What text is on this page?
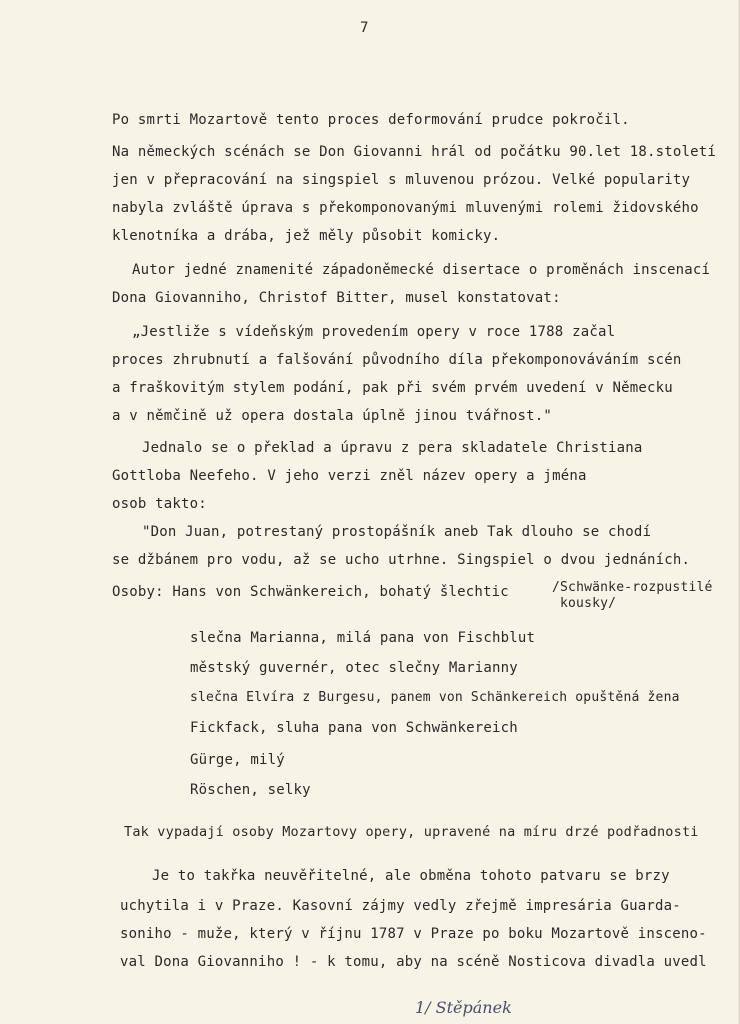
7
Po smrti Mozartově tento proces deformování prudce pokročil.
Na německých scénách se Don Giovanni hrál od počátku 90.let 18.století
jen v přepracování na singspiel s mluvenou prózou. Velké popularity
nabyla zvláště úprava s překomponovanými mluvenými rolemi židovského
klenotníka a drába, jež měly působit komicky.
Autor jedné znamenité západoněmecké disertace o proměnách inscenací
Dona Giovanniho, Christof Bitter, musel konstatovat:
„Jestliže s vídeňským provedením opery v roce 1788 začal
proces zhrubnutí a falšování původního díla překomponováváním scén
a fraškovitým stylem podání, pak při svém prvém uvedení v Německu
a v němčině už opera dostala úplně jinou tvářnost."
Jednalo se o překlad a úpravu z pera skladatele Christiana
Gottloba Neefeho. V jeho verzi zněl název opery a jména
osob takto:
"Don Juan, potrestaný prostopášník aneb Tak dlouho se chodí
se džbánem pro vodu, až se ucho utrhne. Singspiel o dvou jednáních.
Osoby: Hans von Schwänkereich, bohatý šlechtic	/Schwänke-rozpustilé
kousky/
slečna Marianna, milá pana von Fischblut
městský guvernér, otec slečny Marianny
slečna Elvíra z Burgesu, panem von Schänkereich opuštěná žena
Fickfack, sluha pana von Schwänkereich
Gürge, milý
Röschen, selky
Tak vypadají osoby Mozartovy opery, upravené na míru drzé podřadnosti
Je to takřka neuvěřitelné, ale obměna tohoto patvaru se brzy
uchytila i v Praze. Kasovní zájmy vedly zřejmě impresária Guarda-
soniho - muže, který v říjnu 1787 v Praze po boku Mozartově inscenо-
val Dona Giovanniho ! - k tomu, aby na scéně Nosticova divadla uvedl
1/ Stěpánek
